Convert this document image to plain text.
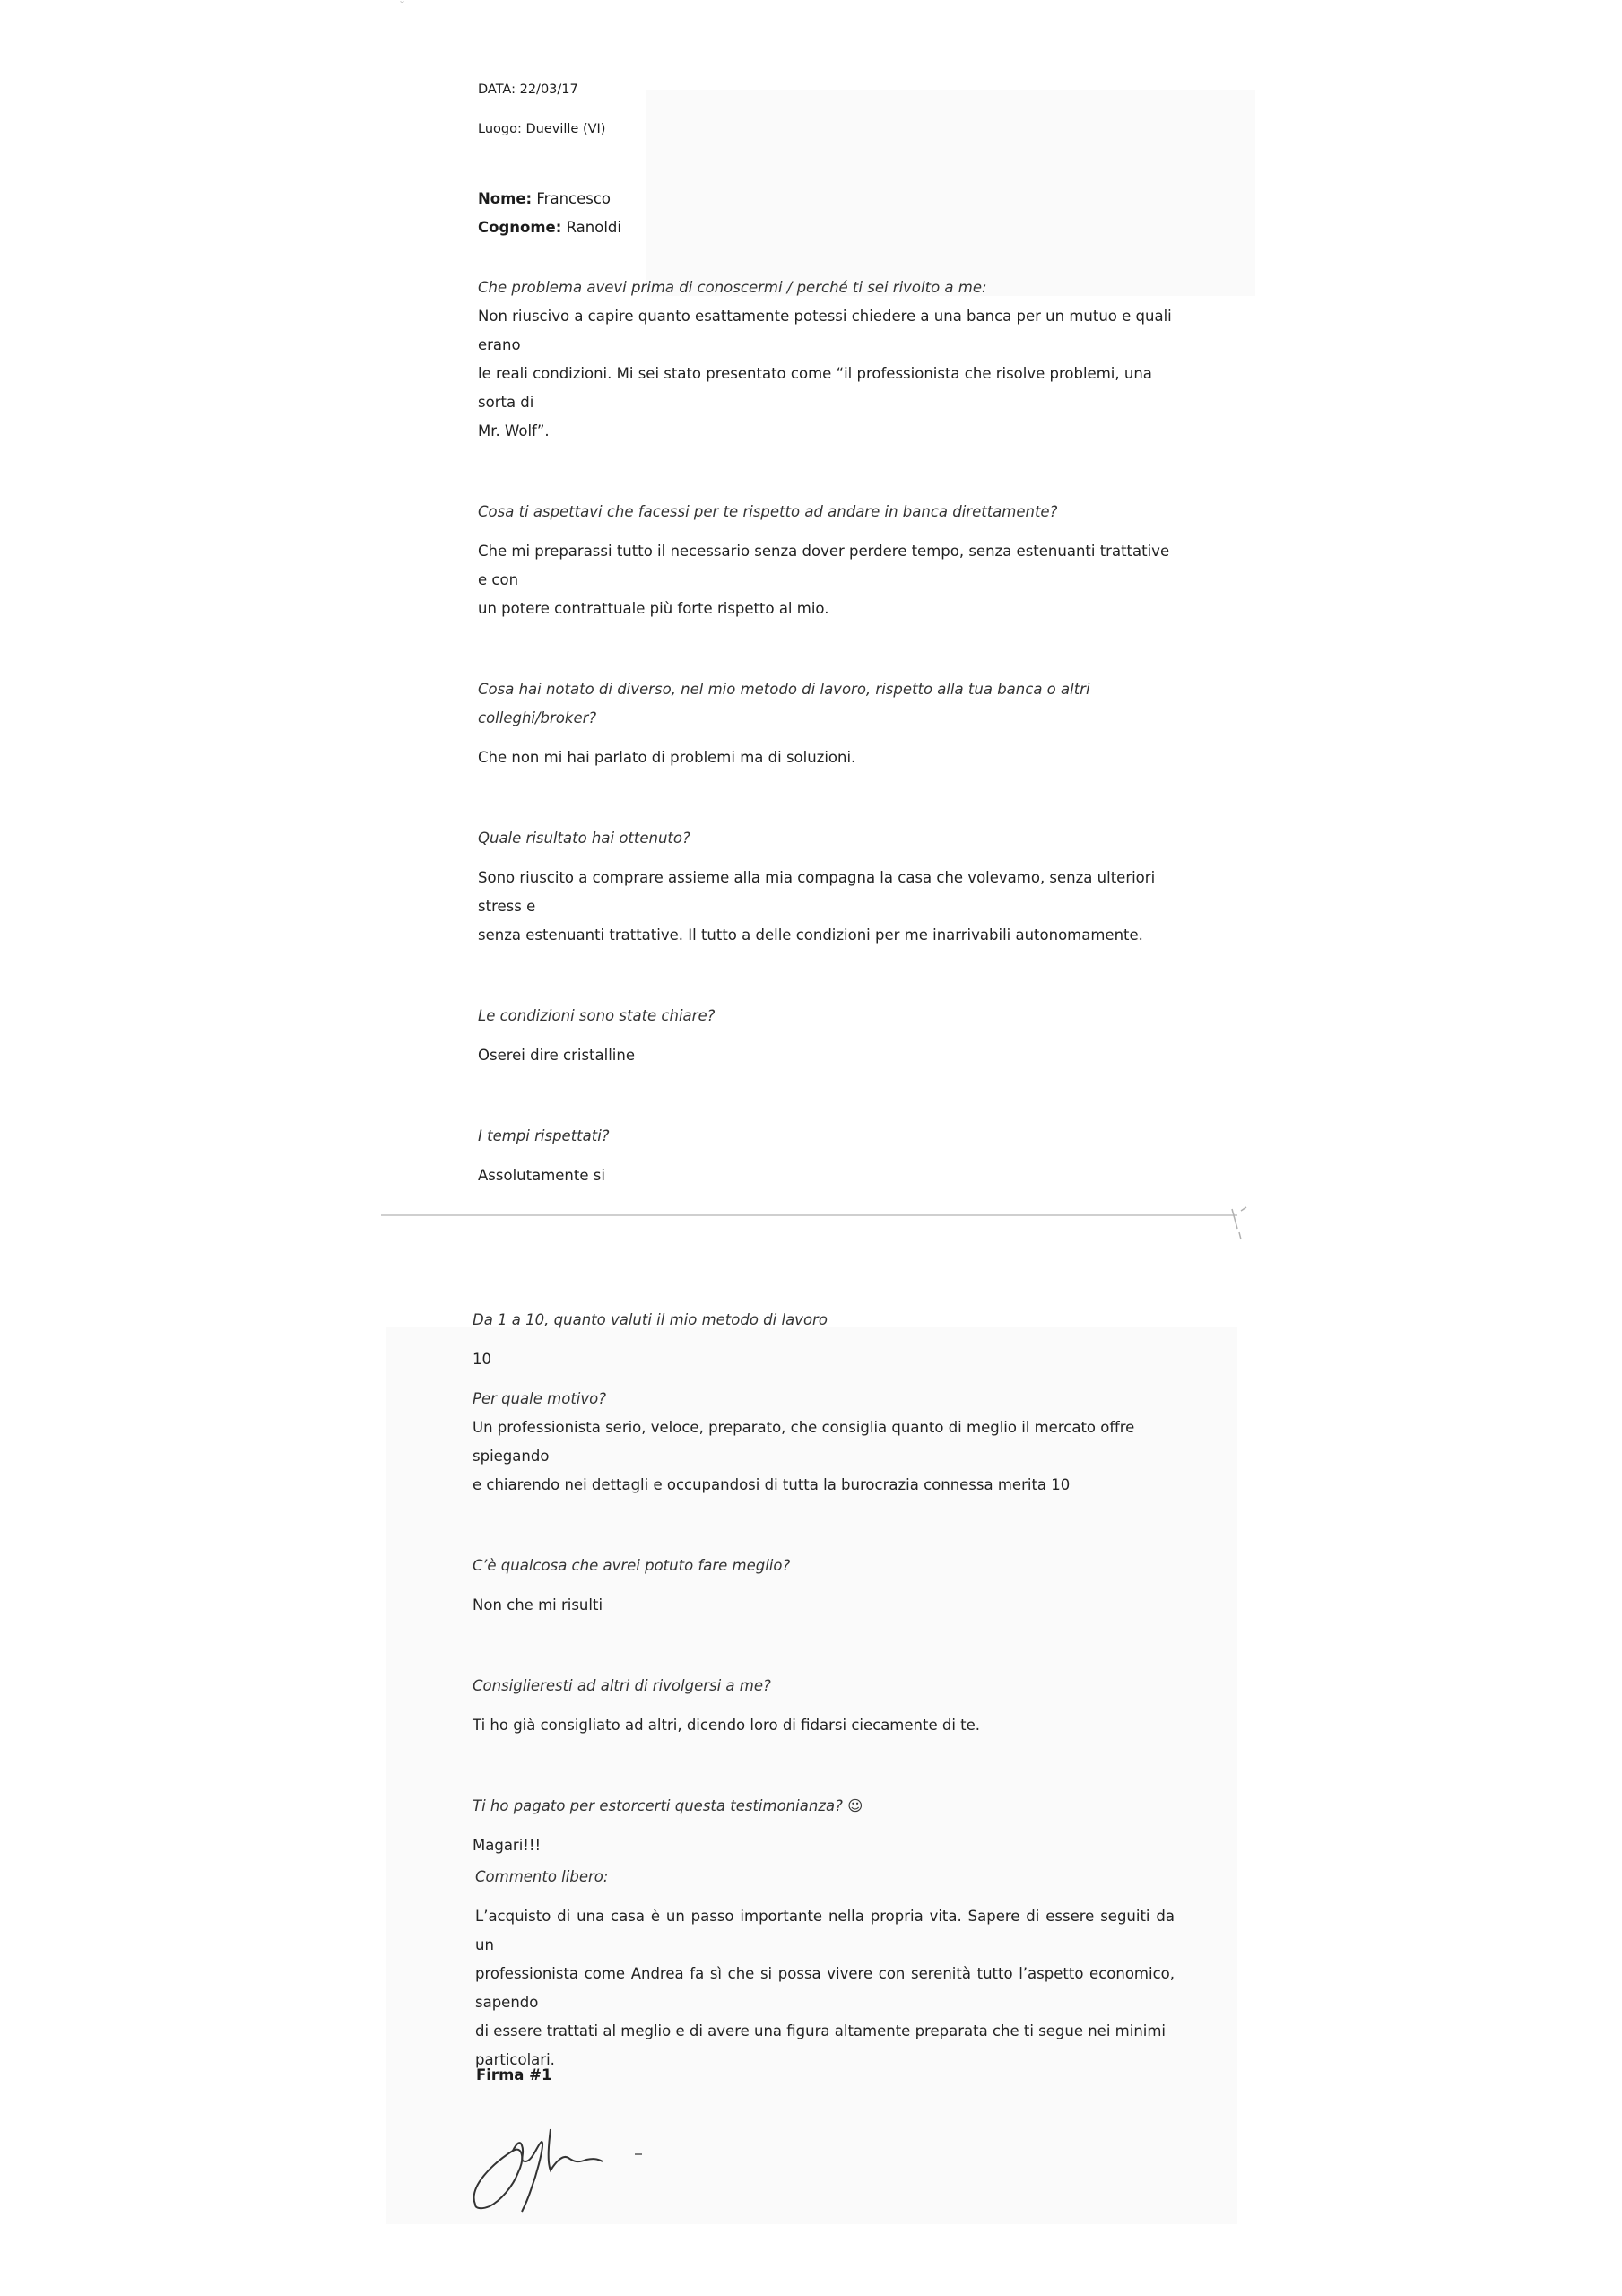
˘

DATA: 22/03/17

Luogo: Dueville (VI)

Nome: Francesco

Cognome: Ranoldi

Che problema avevi prima di conoscermi / perché ti sei rivolto a me:

Non riuscivo a capire quanto esattamente potessi chiedere a una banca per un mutuo e quali erano

le reali condizioni. Mi sei stato presentato come “il professionista che risolve problemi, una sorta di

Mr. Wolf”.

Cosa ti aspettavi che facessi per te rispetto ad andare in banca direttamente?

Che mi preparassi tutto il necessario senza dover perdere tempo, senza estenuanti trattative e con

un potere contrattuale più forte rispetto al mio.

Cosa hai notato di diverso, nel mio metodo di lavoro, rispetto alla tua banca o altri colleghi/broker?

Che non mi hai parlato di problemi ma di soluzioni.

Quale risultato hai ottenuto?

Sono riuscito a comprare assieme alla mia compagna la casa che volevamo, senza ulteriori stress e

senza estenuanti trattative. Il tutto a delle condizioni per me inarrivabili autonomamente.

Le condizioni sono state chiare?

Oserei dire cristalline

I tempi rispettati?

Assolutamente si

Da 1 a 10, quanto valuti il mio metodo di lavoro

10

Per quale motivo?

Un professionista serio, veloce, preparato, che consiglia quanto di meglio il mercato offre spiegando

e chiarendo nei dettagli e occupandosi di tutta la burocrazia connessa merita 10

C’è qualcosa che avrei potuto fare meglio?

Non che mi risulti

Consiglieresti ad altri di rivolgersi a me?

Ti ho già consigliato ad altri, dicendo loro di fidarsi ciecamente di te.

Ti ho pagato per estorcerti questa testimonianza? ☺

Magari!!!

Commento libero:

L’acquisto di una casa è un passo importante nella propria vita. Sapere di essere seguiti da un

professionista come Andrea fa sì che si possa vivere con serenità tutto l’aspetto economico, sapendo

di essere trattati al meglio e di avere una figura altamente preparata che ti segue nei minimi

particolari.

Firma #1
